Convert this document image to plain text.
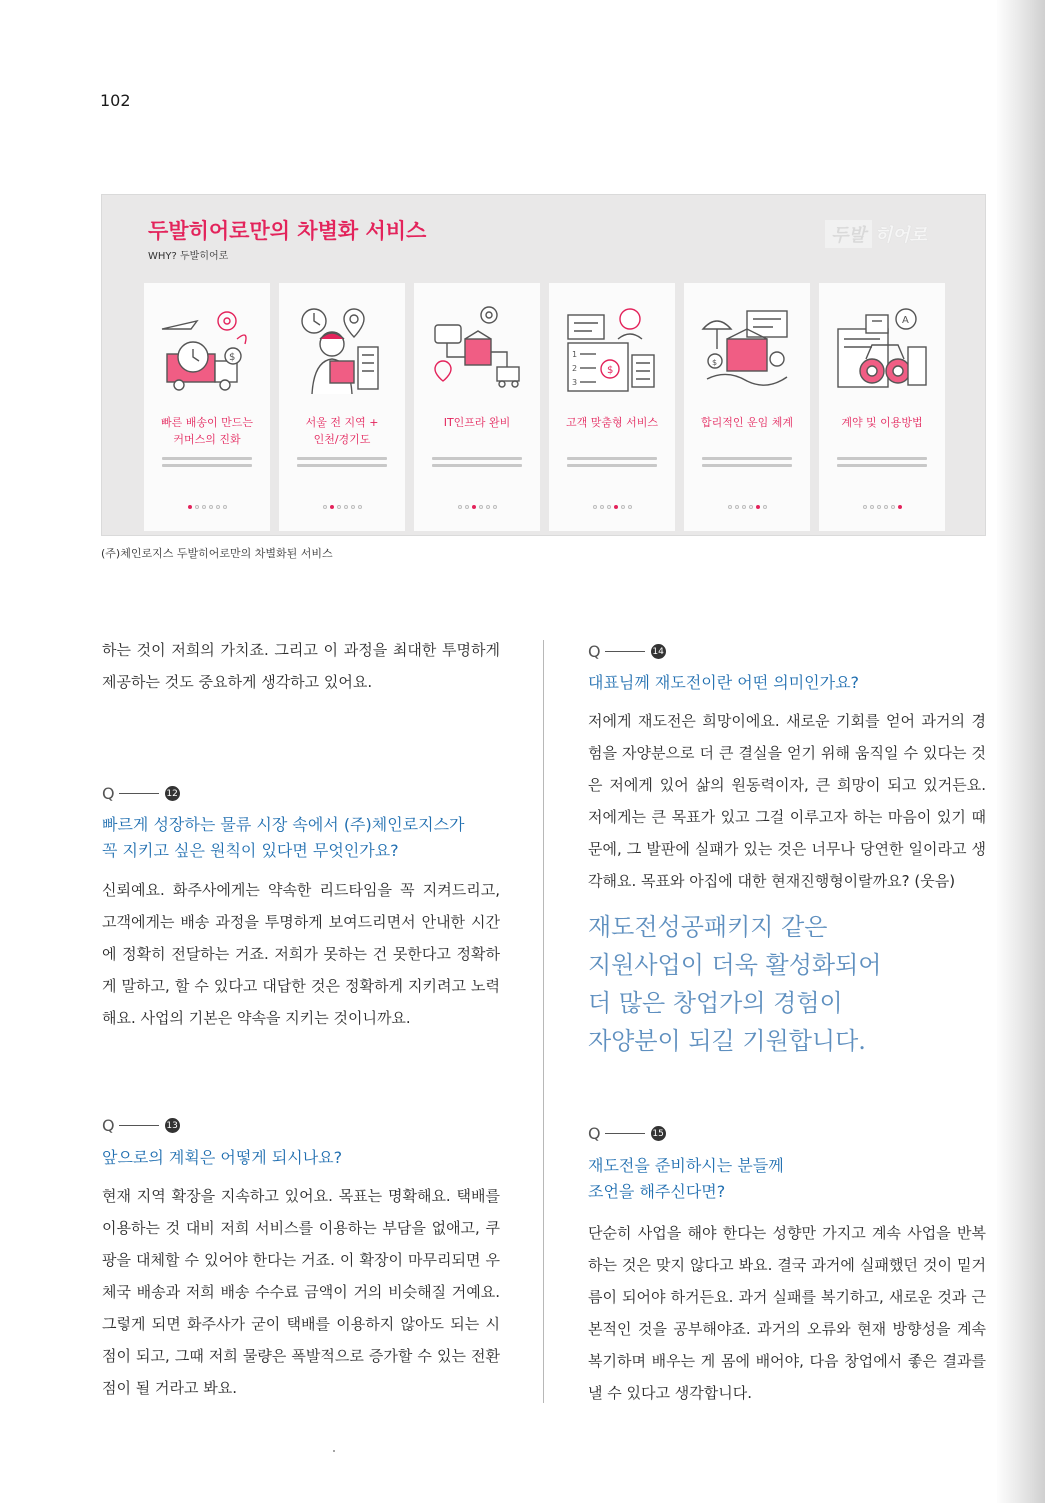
102
두발히어로만의 차별화 서비스
WHY? 두발히어로
두발 히어로
$
빠른 배송이 만드는
커머스의 진화
서울 전 지역 +
인천/경기도
IT인프라 완비
1
2
3
$
고객 맞춤형 서비스
$
합리적인 운임 체계
A
계약 및 이용방법
(주)체인로지스 두발히어로만의 차별화된 서비스
하는 것이 저희의 가치죠. 그리고 이 과정을 최대한 투명하게 제공하는 것도 중요하게 생각하고 있어요.
Q	12
빠르게 성장하는 물류 시장 속에서 (주)체인로지스가
꼭 지키고 싶은 원칙이 있다면 무엇인가요?
신뢰예요. 화주사에게는 약속한 리드타임을 꼭 지켜드리고, 고객에게는 배송 과정을 투명하게 보여드리면서 안내한 시간에 정확히 전달하는 거죠. 저희가 못하는 건 못한다고 정확하게 말하고, 할 수 있다고 대답한 것은 정확하게 지키려고 노력해요. 사업의 기본은 약속을 지키는 것이니까요.
Q	13
앞으로의 계획은 어떻게 되시나요?
현재 지역 확장을 지속하고 있어요. 목표는 명확해요. 택배를 이용하는 것 대비 저희 서비스를 이용하는 부담을 없애고, 쿠팡을 대체할 수 있어야 한다는 거죠. 이 확장이 마무리되면 우체국 배송과 저희 배송 수수료 금액이 거의 비슷해질 거예요. 그렇게 되면 화주사가 굳이 택배를 이용하지 않아도 되는 시점이 되고, 그때 저희 물량은 폭발적으로 증가할 수 있는 전환점이 될 거라고 봐요.
Q	14
대표님께 재도전이란 어떤 의미인가요?
저에게 재도전은 희망이에요. 새로운 기회를 얻어 과거의 경험을 자양분으로 더 큰 결실을 얻기 위해 움직일 수 있다는 것은 저에게 있어 삶의 원동력이자, 큰 희망이 되고 있거든요. 저에게는 큰 목표가 있고 그걸 이루고자 하는 마음이 있기 때문에, 그 발판에 실패가 있는 것은 너무나 당연한 일이라고 생각해요. 목표와 아집에 대한 현재진행형이랄까요? (웃음)
재도전성공패키지 같은
지원사업이 더욱 활성화되어
더 많은 창업가의 경험이
자양분이 되길 기원합니다.
Q	15
재도전을 준비하시는 분들께
조언을 해주신다면?
단순히 사업을 해야 한다는 성향만 가지고 계속 사업을 반복하는 것은 맞지 않다고 봐요. 결국 과거에 실패했던 것이 밑거름이 되어야 하거든요. 과거 실패를 복기하고, 새로운 것과 근본적인 것을 공부해야죠. 과거의 오류와 현재 방향성을 계속 복기하며 배우는 게 몸에 배어야, 다음 창업에서 좋은 결과를 낼 수 있다고 생각합니다.
